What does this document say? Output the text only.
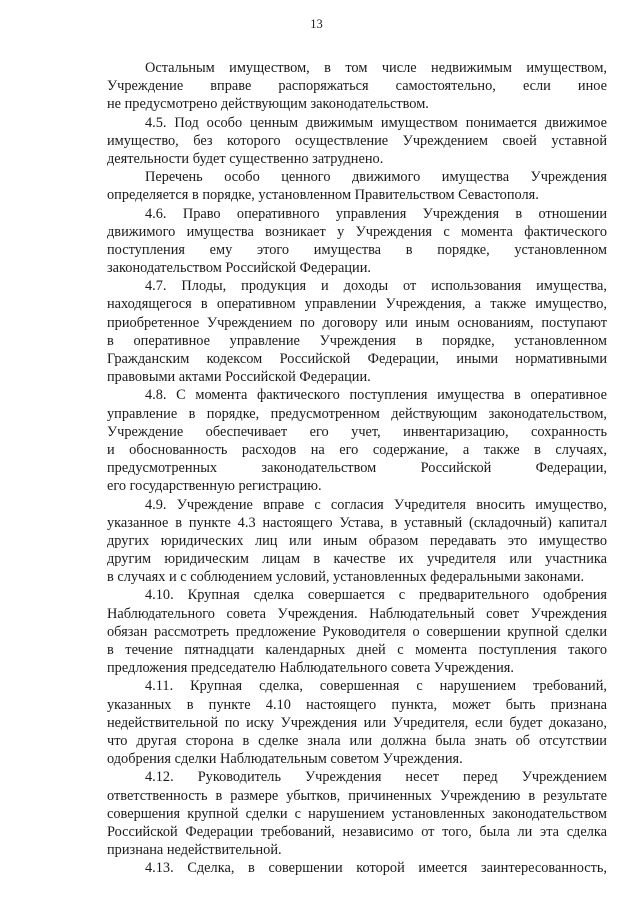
13
Остальным имуществом, в том числе недвижимым имуществом,
Учреждение вправе распоряжаться самостоятельно, если иное
не предусмотрено действующим законодательством.
4.5. Под особо ценным движимым имуществом понимается движимое
имущество, без которого осуществление Учреждением своей уставной
деятельности будет существенно затруднено.
Перечень особо ценного движимого имущества Учреждения
определяется в порядке, установленном Правительством Севастополя.
4.6. Право оперативного управления Учреждения в отношении
движимого имущества возникает у Учреждения с момента фактического
поступления ему этого имущества в порядке, установленном
законодательством Российской Федерации.
4.7. Плоды, продукция и доходы от использования имущества,
находящегося в оперативном управлении Учреждения, а также имущество,
приобретенное Учреждением по договору или иным основаниям, поступают
в оперативное управление Учреждения в порядке, установленном
Гражданским кодексом Российской Федерации, иными нормативными
правовыми актами Российской Федерации.
4.8. С момента фактического поступления имущества в оперативное
управление в порядке, предусмотренном действующим законодательством,
Учреждение обеспечивает его учет, инвентаризацию, сохранность
и обоснованность расходов на его содержание, а также в случаях,
предусмотренных законодательством Российской Федерации,
его государственную регистрацию.
4.9. Учреждение вправе с согласия Учредителя вносить имущество,
указанное в пункте 4.3 настоящего Устава, в уставный (складочный) капитал
других юридических лиц или иным образом передавать это имущество
другим юридическим лицам в качестве их учредителя или участника
в случаях и с соблюдением условий, установленных федеральными законами.
4.10. Крупная сделка совершается с предварительного одобрения
Наблюдательного совета Учреждения. Наблюдательный совет Учреждения
обязан рассмотреть предложение Руководителя о совершении крупной сделки
в течение пятнадцати календарных дней с момента поступления такого
предложения председателю Наблюдательного совета Учреждения.
4.11. Крупная сделка, совершенная с нарушением требований,
указанных в пункте 4.10 настоящего пункта, может быть признана
недействительной по иску Учреждения или Учредителя, если будет доказано,
что другая сторона в сделке знала или должна была знать об отсутствии
одобрения сделки Наблюдательным советом Учреждения.
4.12. Руководитель Учреждения несет перед Учреждением
ответственность в размере убытков, причиненных Учреждению в результате
совершения крупной сделки с нарушением установленных законодательством
Российской Федерации требований, независимо от того, была ли эта сделка
признана недействительной.
4.13. Сделка, в совершении которой имеется заинтересованность,
